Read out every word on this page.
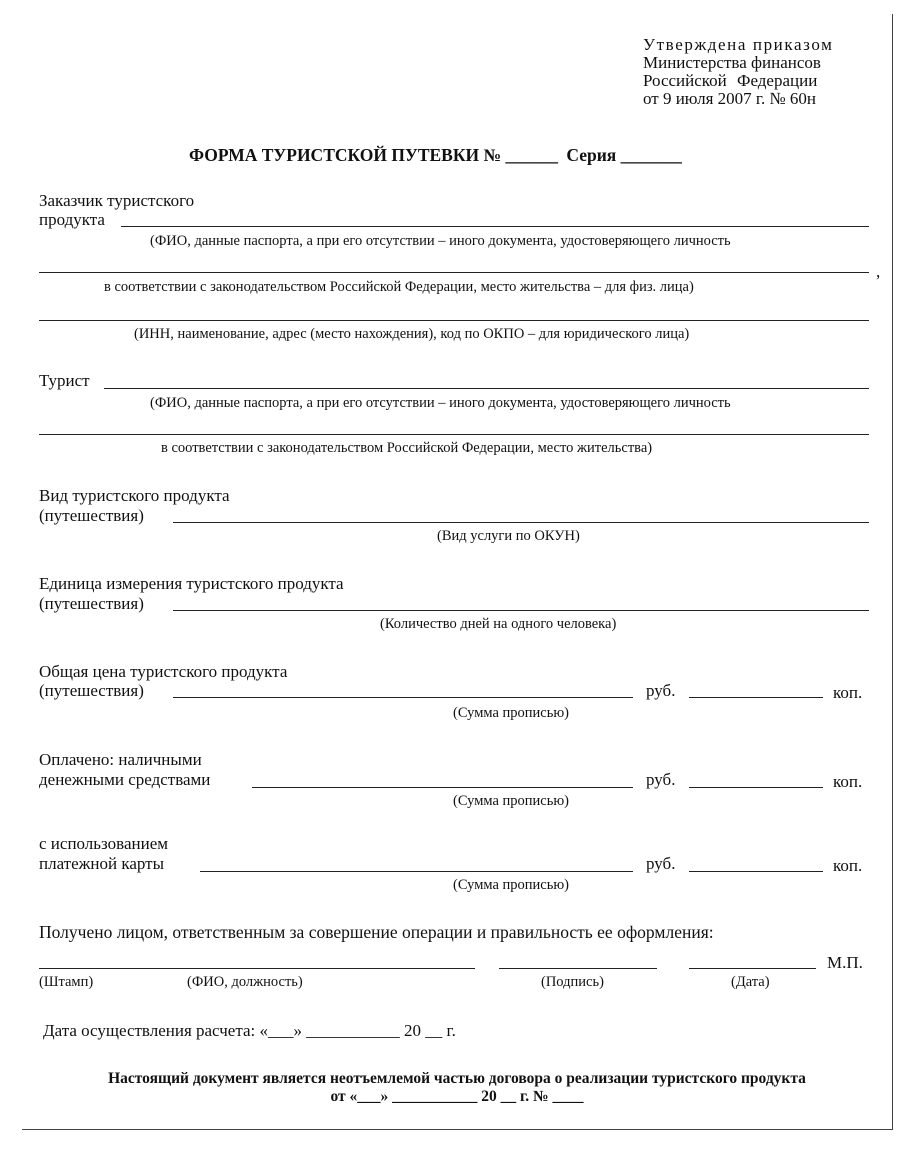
Утверждена приказом
Министерства финансов
Российской Федерации
от 9 июля 2007 г. № 60н
ФОРМА ТУРИСТСКОЙ ПУТЕВКИ № ______ Серия _______
Заказчик туристского
продукта
(ФИО, данные паспорта, а при его отсутствии – иного документа, удостоверяющего личность
,
в соответствии с законодательством Российской Федерации, место жительства – для физ. лица)
(ИНН, наименование, адрес (место нахождения), код по ОКПО – для юридического лица)
Турист
(ФИО, данные паспорта, а при его отсутствии – иного документа, удостоверяющего личность
в соответствии с законодательством Российской Федерации, место жительства)
Вид туристского продукта
(путешествия)
(Вид услуги по ОКУН)
Единица измерения туристского продукта
(путешествия)
(Количество дней на одного человека)
Общая цена туристского продукта
(путешествия)	руб.	коп.
(Сумма прописью)
Оплачено: наличными
денежными средствами	руб.	коп.
(Сумма прописью)
с использованием
платежной карты	руб.	коп.
(Сумма прописью)
Получено лицом, ответственным за совершение операции и правильность ее оформления:
М.П.
(Штамп)	(ФИО, должность)	(Подпись)	(Дата)
Дата осуществления расчета: «___» ___________ 20 __ г.
Настоящий документ является неотъемлемой частью договора о реализации туристского продукта
от «___» ___________ 20 __ г. № ____
